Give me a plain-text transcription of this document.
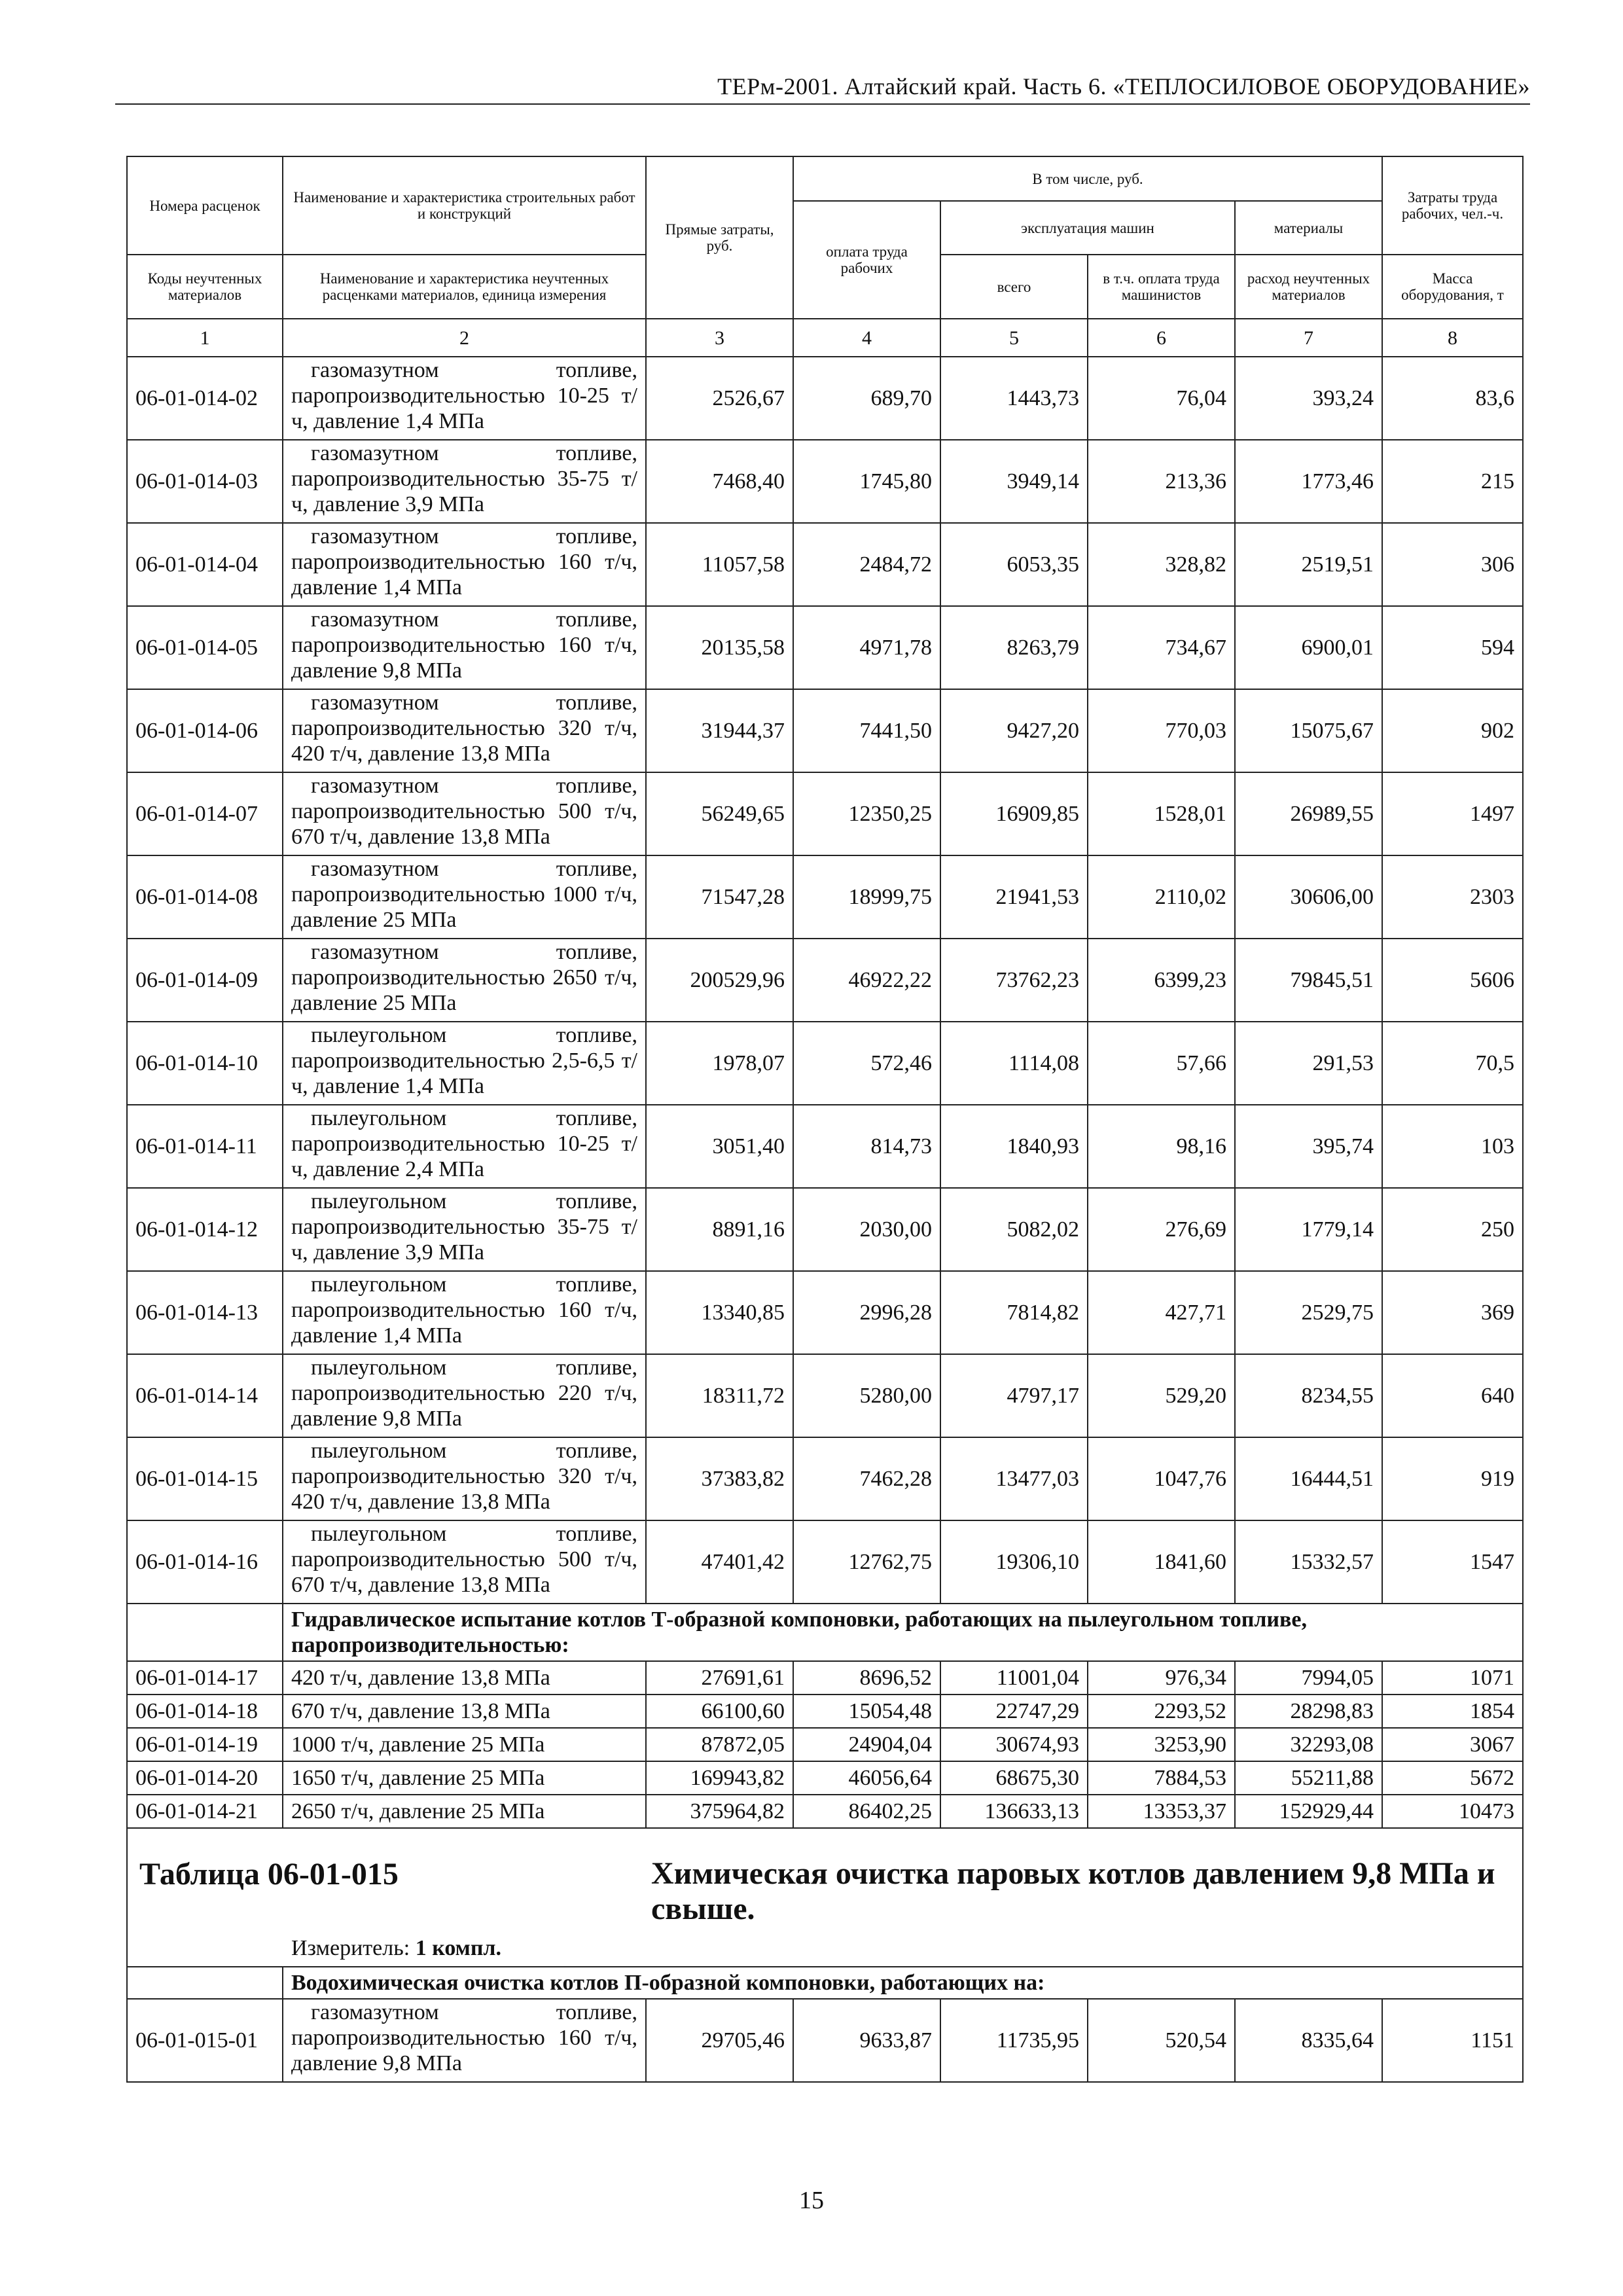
ТЕРм-2001. Алтайский край. Часть 6. «ТЕПЛОСИЛОВОЕ ОБОРУДОВАНИЕ»
Номера расценок	Наименование и характеристика строительных работ и конструкций	Прямые затраты, руб.	В том числе, руб.				Затраты труда рабочих, чел.-ч.
			оплата труда рабочих	эксплуатация машин		материалы	
Коды неучтенных материалов	Наименование и характеристика неучтенных расценками материалов, единица измерения			всего	в т.ч. оплата труда машинистов	расход неучтенных материалов	Масса оборудования, т
1	2	3	4	5	6	7	8
06-01-014-02	газомазутном топливе, паропроизводительностью 10-25 т/ч, давление 1,4 МПа	2526,67	689,70	1443,73	76,04	393,24	83,6
06-01-014-03	газомазутном топливе, паропроизводительностью 35-75 т/ч, давление 3,9 МПа	7468,40	1745,80	3949,14	213,36	1773,46	215
06-01-014-04	газомазутном топливе, паропроизводительностью 160 т/ч, давление 1,4 МПа	11057,58	2484,72	6053,35	328,82	2519,51	306
06-01-014-05	газомазутном топливе, паропроизводительностью 160 т/ч, давление 9,8 МПа	20135,58	4971,78	8263,79	734,67	6900,01	594
06-01-014-06	газомазутном топливе, паропроизводительностью 320 т/ч, 420 т/ч, давление 13,8 МПа	31944,37	7441,50	9427,20	770,03	15075,67	902
06-01-014-07	газомазутном топливе, паропроизводительностью 500 т/ч, 670 т/ч, давление 13,8 МПа	56249,65	12350,25	16909,85	1528,01	26989,55	1497
06-01-014-08	газомазутном топливе, паропроизводительностью 1000 т/ч, давление 25 МПа	71547,28	18999,75	21941,53	2110,02	30606,00	2303
06-01-014-09	газомазутном топливе, паропроизводительностью 2650 т/ч, давление 25 МПа	200529,96	46922,22	73762,23	6399,23	79845,51	5606
06-01-014-10	пылеугольном топливе, паропроизводительностью 2,5-6,5 т/ч, давление 1,4 МПа	1978,07	572,46	1114,08	57,66	291,53	70,5
06-01-014-11	пылеугольном топливе, паропроизводительностью 10-25 т/ч, давление 2,4 МПа	3051,40	814,73	1840,93	98,16	395,74	103
06-01-014-12	пылеугольном топливе, паропроизводительностью 35-75 т/ч, давление 3,9 МПа	8891,16	2030,00	5082,02	276,69	1779,14	250
06-01-014-13	пылеугольном топливе, паропроизводительностью 160 т/ч, давление 1,4 МПа	13340,85	2996,28	7814,82	427,71	2529,75	369
06-01-014-14	пылеугольном топливе, паропроизводительностью 220 т/ч, давление 9,8 МПа	18311,72	5280,00	4797,17	529,20	8234,55	640
06-01-014-15	пылеугольном топливе, паропроизводительностью 320 т/ч, 420 т/ч, давление 13,8 МПа	37383,82	7462,28	13477,03	1047,76	16444,51	919
06-01-014-16	пылеугольном топливе, паропроизводительностью 500 т/ч, 670 т/ч, давление 13,8 МПа	47401,42	12762,75	19306,10	1841,60	15332,57	1547
	Гидравлическое испытание котлов Т-образной компоновки, работающих на пылеугольном топливе, паропроизводительностью:						
06-01-014-17	420 т/ч, давление 13,8 МПа	27691,61	8696,52	11001,04	976,34	7994,05	1071
06-01-014-18	670 т/ч, давление 13,8 МПа	66100,60	15054,48	22747,29	2293,52	28298,83	1854
06-01-014-19	1000 т/ч, давление 25 МПа	87872,05	24904,04	30674,93	3253,90	32293,08	3067
06-01-014-20	1650 т/ч, давление 25 МПа	169943,82	46056,64	68675,30	7884,53	55211,88	5672
06-01-014-21	2650 т/ч, давление 25 МПа	375964,82	86402,25	136633,13	13353,37	152929,44	10473

Таблица 06-01-015 Химическая очистка паровых котлов давлением 9,8 МПа и свыше.
Измеритель: 1 компл.							

	Водохимическая очистка котлов П-образной компоновки, работающих на:						
06-01-015-01	газомазутном топливе, паропроизводительностью 160 т/ч, давление 9,8 МПа	29705,46	9633,87	11735,95	520,54	8335,64	1151
15
